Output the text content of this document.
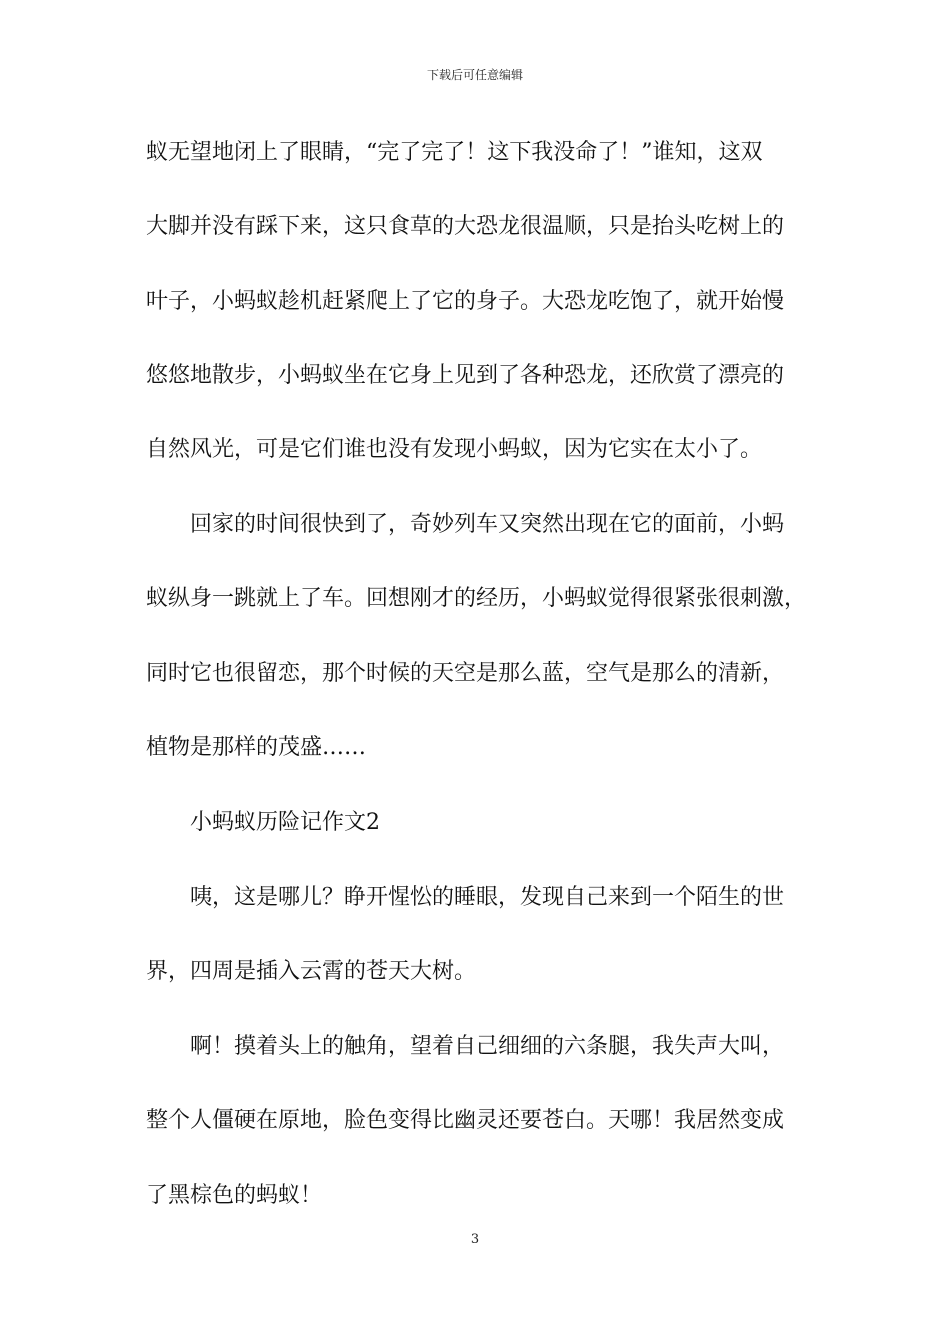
下载后可任意编辑
蚁无望地闭上了眼睛，“完了完了！这下我没命了！”谁知，这双
大脚并没有踩下来，这只食草的大恐龙很温顺，只是抬头吃树上的
叶子，小蚂蚁趁机赶紧爬上了它的身子。大恐龙吃饱了，就开始慢
悠悠地散步，小蚂蚁坐在它身上见到了各种恐龙，还欣赏了漂亮的
自然风光，可是它们谁也没有发现小蚂蚁，因为它实在太小了。
回家的时间很快到了，奇妙列车又突然出现在它的面前，小蚂
蚁纵身一跳就上了车。回想刚才的经历，小蚂蚁觉得很紧张很刺激，
同时它也很留恋，那个时候的天空是那么蓝，空气是那么的清新，
植物是那样的茂盛……
小蚂蚁历险记作文2
咦，这是哪儿？睁开惺忪的睡眼，发现自己来到一个陌生的世
界，四周是插入云霄的苍天大树。
啊！摸着头上的触角，望着自己细细的六条腿，我失声大叫，
整个人僵硬在原地，脸色变得比幽灵还要苍白。天哪！我居然变成
了黑棕色的蚂蚁！
3
